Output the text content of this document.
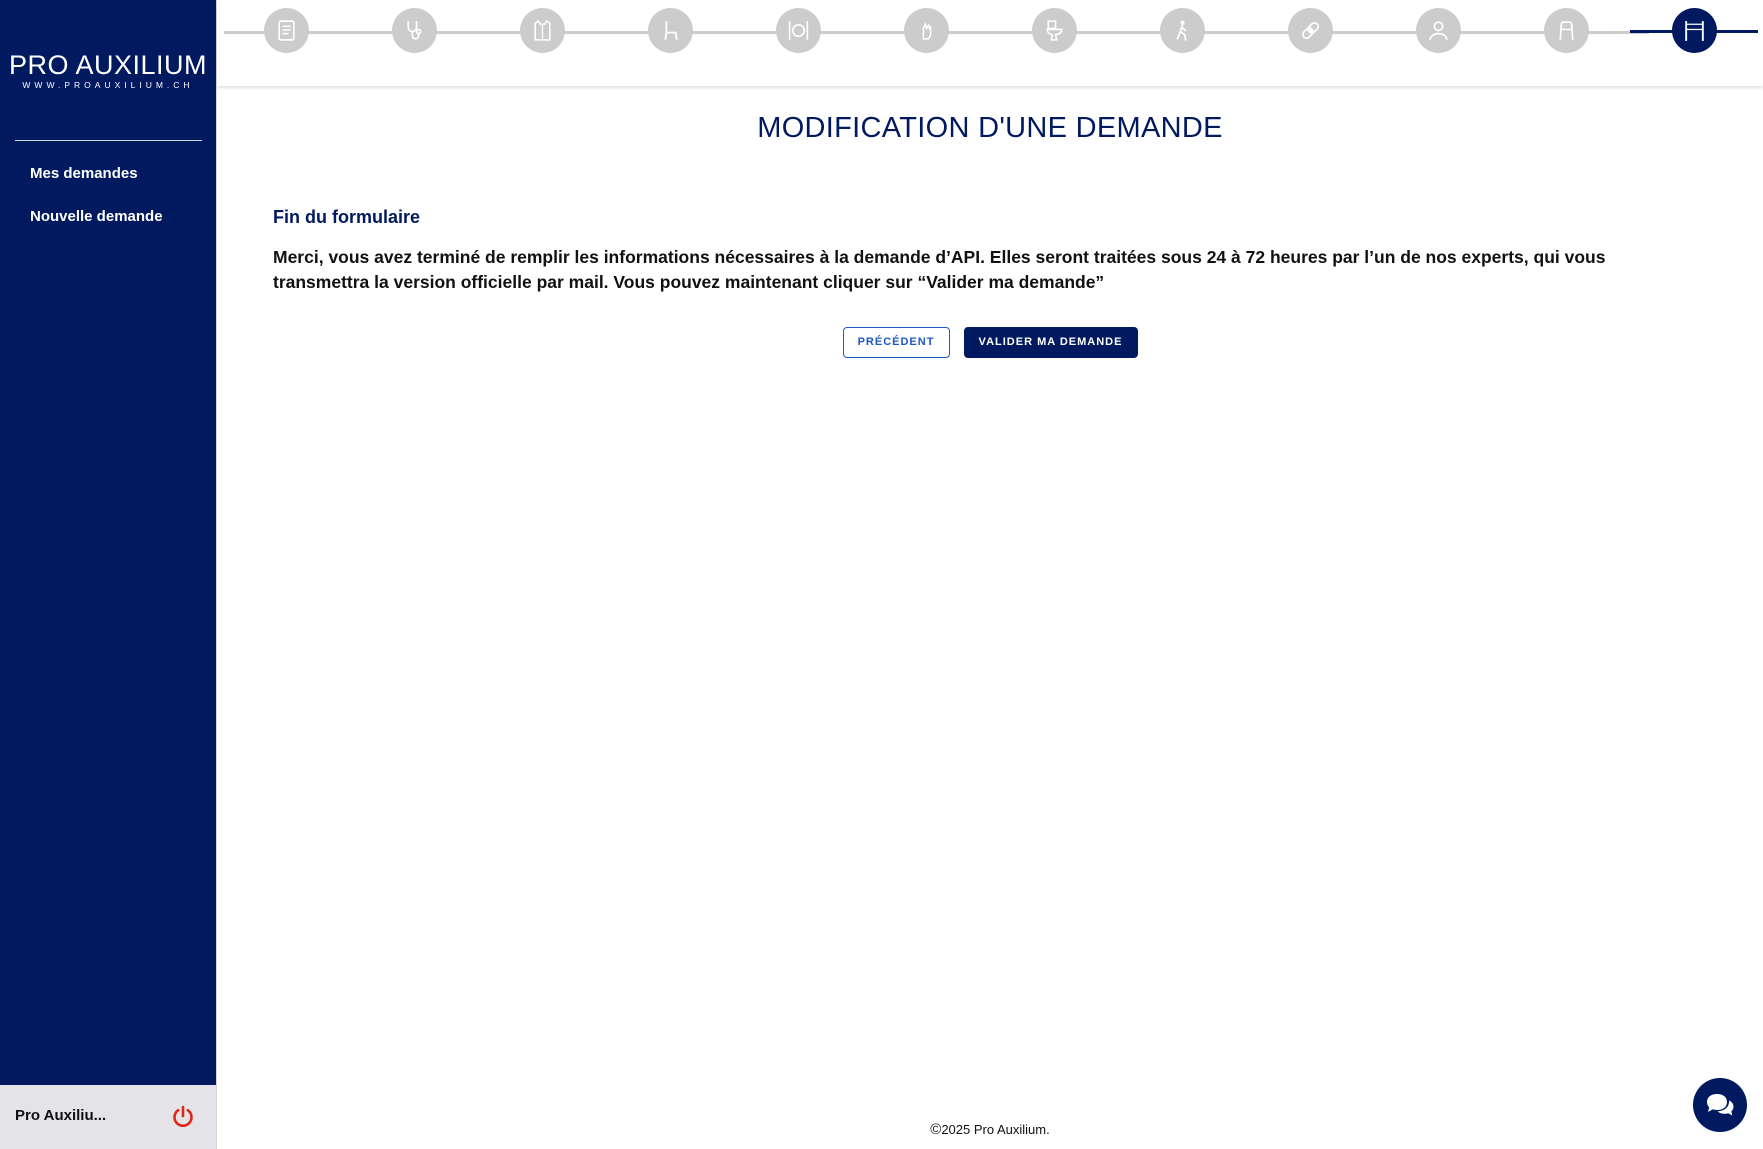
PRO AUXILIUM
WWW.PROAUXILIUM.CH
Mes demandes
Nouvelle demande
Pro Auxiliu...
MODIFICATION D'UNE DEMANDE
Fin du formulaire

Merci, vous avez terminé de remplir les informations nécessaires à la demande d’API. Elles seront traitées sous 24 à 72 heures par l’un de nos experts, qui vous transmettra la version officielle par mail. Vous pouvez maintenant cliquer sur “Valider ma demande”

PRÉCÉDENT	VALIDER MA DEMANDE
©2025 Pro Auxilium.
